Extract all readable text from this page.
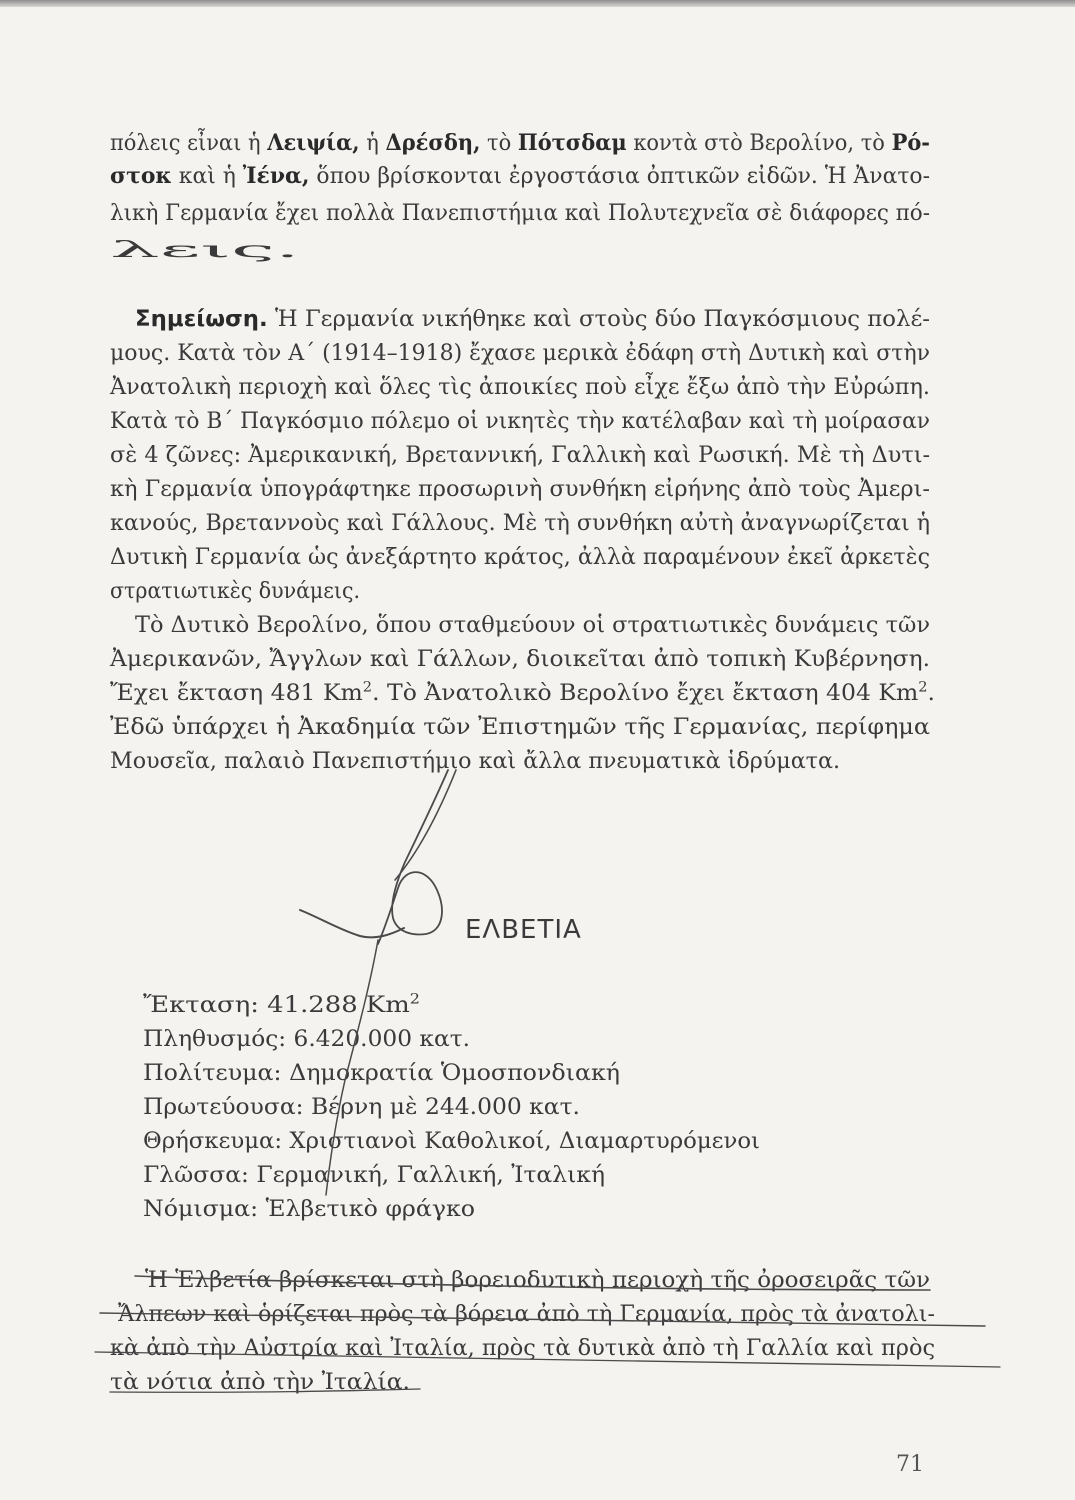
πόλεις εἶναι ἡ Λειψία, ἡ Δρέσδη, τὸ Πότσδαμ κοντὰ στὸ Βερολίνο, τὸ Ρό-
στοκ καὶ ἡ Ἰένα, ὅπου βρίσκονται ἐργοστάσια ὀπτικῶν εἰδῶν. Ἡ Ἀνατο-
λικὴ Γερμανία ἔχει πολλὰ Πανεπιστήμια καὶ Πολυτεχνεῖα σὲ διάφορες πό-
λεις.
Σημείωση. Ἡ Γερμανία νικήθηκε καὶ στοὺς δύο Παγκόσμιους πολέ-
μους. Κατὰ τὸν Α΄ (1914–1918) ἔχασε μερικὰ ἐδάφη στὴ Δυτικὴ καὶ στὴν
Ἀνατολικὴ περιοχὴ καὶ ὅλες τὶς ἀποικίες ποὺ εἶχε ἔξω ἀπὸ τὴν Εὐρώπη.
Κατὰ τὸ Β΄ Παγκόσμιο πόλεμο οἱ νικητὲς τὴν κατέλαβαν καὶ τὴ μοίρασαν
σὲ 4 ζῶνες: Ἀμερικανική, Βρεταννική, Γαλλικὴ καὶ Ρωσική. Μὲ τὴ Δυτι-
κὴ Γερμανία ὑπογράφτηκε προσωρινὴ συνθήκη εἰρήνης ἀπὸ τοὺς Ἀμερι-
κανούς, Βρεταννοὺς καὶ Γάλλους. Μὲ τὴ συνθήκη αὐτὴ ἀναγνωρίζεται ἡ
Δυτικὴ Γερμανία ὡς ἀνεξάρτητο κράτος, ἀλλὰ παραμένουν ἐκεῖ ἀρκετὲς
στρατιωτικὲς δυνάμεις.
Τὸ Δυτικὸ Βερολίνο, ὅπου σταθμεύουν οἱ στρατιωτικὲς δυνάμεις τῶν
Ἀμερικανῶν, Ἄγγλων καὶ Γάλλων, διοικεῖται ἀπὸ τοπικὴ Κυβέρνηση.
Ἔχει ἔκταση 481 Km$^2$. Τὸ Ἀνατολικὸ Βερολίνο ἔχει ἔκταση 404 Km$^2$.
Ἐδῶ ὑπάρχει ἡ Ἀκαδημία τῶν Ἐπιστημῶν τῆς Γερμανίας, περίφημα
Μουσεῖα, παλαιὸ Πανεπιστήμιο καὶ ἄλλα πνευματικὰ ἱδρύματα.
ΕΛΒΕΤΙΑ
Ἔκταση: 41.288 Km$^2$
Πληθυσμός: 6.420.000 κατ.
Πολίτευμα: Δημοκρατία Ὁμοσπονδιακή
Πρωτεύουσα: Βέρνη μὲ 244.000 κατ.
Θρήσκευμα: Χριστιανοὶ Καθολικοί, Διαμαρτυρόμενοι
Γλῶσσα: Γερμανική, Γαλλική, Ἰταλική
Νόμισμα: Ἑλβετικὸ φράγκο
Ἡ Ἑλβετία βρίσκεται στὴ βορειοδυτικὴ περιοχὴ τῆς ὀροσειρᾶς τῶν
Ἄλπεων καὶ ὁρίζεται πρὸς τὰ βόρεια ἀπὸ τὴ Γερμανία, πρὸς τὰ ἀνατολι-
κὰ ἀπὸ τὴν Αὐστρία καὶ Ἰταλία, πρὸς τὰ δυτικὰ ἀπὸ τὴ Γαλλία καὶ πρὸς
τὰ νότια ἀπὸ τὴν Ἰταλία.
71
